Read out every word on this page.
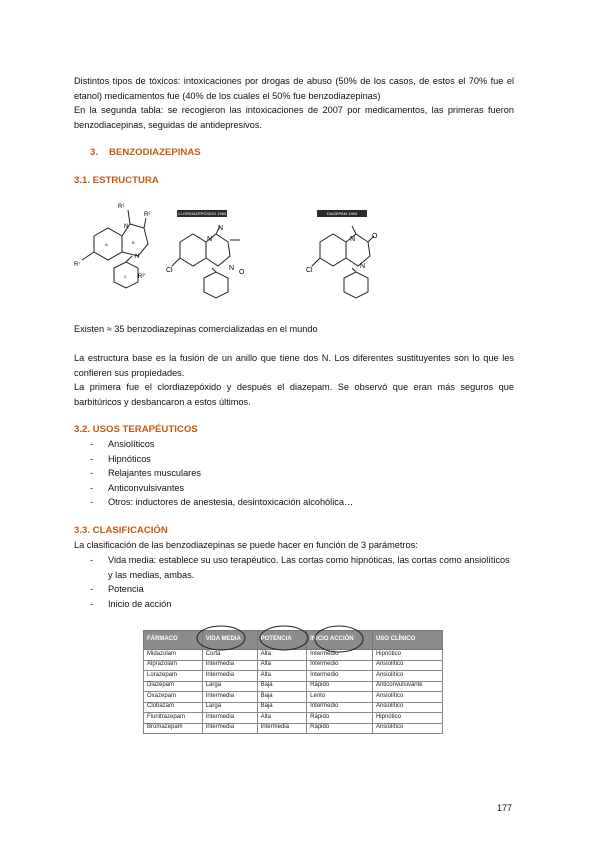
Distintos tipos de tóxicos: intoxicaciones por drogas de abuso (50% de los casos, de estos el 70% fue el etanol) medicamentos fue (40% de los cuales el 50% fue benzodiazepinas)
En la segunda tabla: se recogieron las intoxicaciones de 2007 por medicamentos, las primeras fueron benzodiacepinas, seguidas de antidepresivos.
3. BENZODIAZEPINAS
3.1. ESTRUCTURA
N
N
R¹
R²
R⁷
R²'
A	B
C
CLORDIAZEPÓXIDO 1960
Cl
N
N
N
O
DIAZEPAM 1963
Cl
N O
N
Existen ≈ 35 benzodiazepinas comercializadas en el mundo
La estructura base es la fusión de un anillo que tiene dos N. Los diferentes sustituyentes son lo que les confieren sus propiedades.
La primera fue el clordiazepóxido y después el diazepam. Se observó que eran más seguros que barbitúricos y desbancaron a estos últimos.
3.2. USOS TERAPÉUTICOS
- Ansiolíticos
- Hipnóticos
- Relajantes musculares
- Anticonvulsivantes
- Otros: inductores de anestesia, desintoxicación alcohólica…
3.3. CLASIFICACIÓN
La clasificación de las benzodiazepinas se puede hacer en función de 3 parámetros:
- Vida media: establece su uso terapéutico. Las cortas como hipnóticas, las cortas como ansiolíticos y las medias, ambas.
- Potencia
- Inicio de acción
FÁRMACO	VIDA MEDIA	POTENCIA	INICIO ACCIÓN	USO CLÍNICO
Midazolam	Corta	Alta	Intermedio	Hipnótico
Alprazolam	Intermedia	Alta	Intermedio	Ansiolítico
Lorazepam	Intermedia	Alta	Intermedio	Ansiolítico
Diazepam	Larga	Baja	Rápido	Anticonvulsivante
Oxazepam	Intermedia	Baja	Lento	Ansiolítico
Clobazam	Larga	Baja	Intermedio	Ansiolítico
Flunitrazepam	Intermedia	Alta	Rápido	Hipnótico
Bromazepam	Intermedia	Intermedia	Rápido	Ansiolítico
177
